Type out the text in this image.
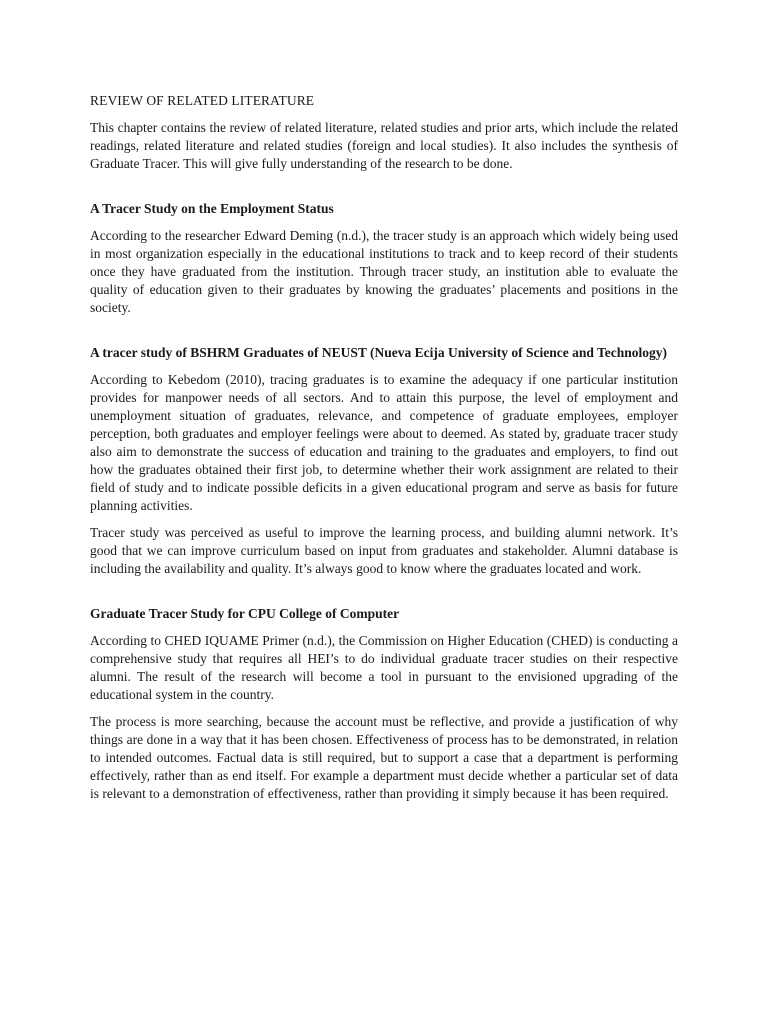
REVIEW OF RELATED LITERATURE

This chapter contains the review of related literature, related studies and prior arts, which include the related readings, related literature and related studies (foreign and local studies). It also includes the synthesis of Graduate Tracer. This will give fully understanding of the research to be done.

A Tracer Study on the Employment Status

According to the researcher Edward Deming (n.d.), the tracer study is an approach which widely being used in most organization especially in the educational institutions to track and to keep record of their students once they have graduated from the institution. Through tracer study, an institution able to evaluate the quality of education given to their graduates by knowing the graduates’ placements and positions in the society.

A tracer study of BSHRM Graduates of NEUST (Nueva Ecija University of Science and Technology)

According to Kebedom (2010), tracing graduates is to examine the adequacy if one particular institution provides for manpower needs of all sectors. And to attain this purpose, the level of employment and unemployment situation of graduates, relevance, and competence of graduate employees, employer perception, both graduates and employer feelings were about to deemed. As stated by, graduate tracer study also aim to demonstrate the success of education and training to the graduates and employers, to find out how the graduates obtained their first job, to determine whether their work assignment are related to their field of study and to indicate possible deficits in a given educational program and serve as basis for future planning activities.

Tracer study was perceived as useful to improve the learning process, and building alumni network. It’s good that we can improve curriculum based on input from graduates and stakeholder. Alumni database is including the availability and quality. It’s always good to know where the graduates located and work.

Graduate Tracer Study for CPU College of Computer

According to CHED IQUAME Primer (n.d.), the Commission on Higher Education (CHED) is conducting a comprehensive study that requires all HEI’s to do individual graduate tracer studies on their respective alumni. The result of the research will become a tool in pursuant to the envisioned upgrading of the educational system in the country.

The process is more searching, because the account must be reflective, and provide a justification of why things are done in a way that it has been chosen. Effectiveness of process has to be demonstrated, in relation to intended outcomes. Factual data is still required, but to support a case that a department is performing effectively, rather than as end itself. For example a department must decide whether a particular set of data is relevant to a demonstration of effectiveness, rather than providing it simply because it has been required.
